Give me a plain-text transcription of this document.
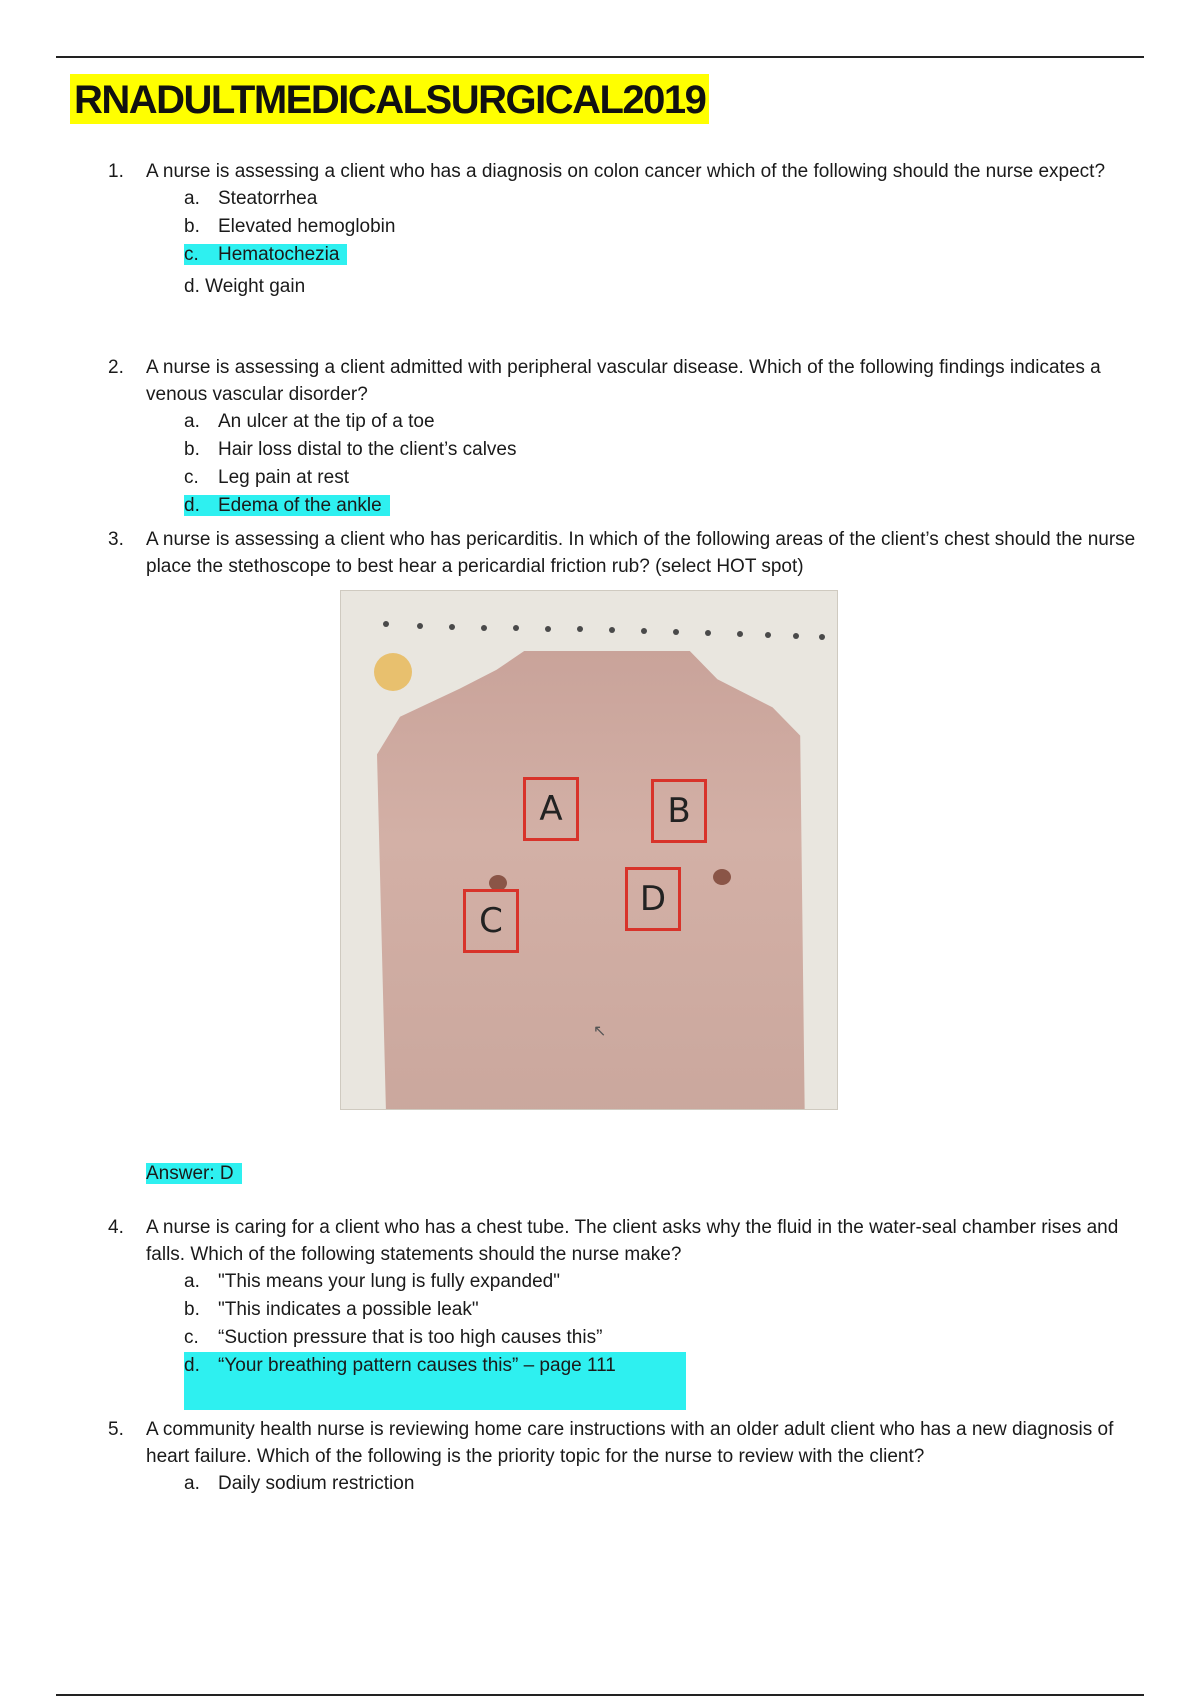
RNADULTMEDICALSURGICAL2019
1. A nurse is assessing a client who has a diagnosis on colon cancer which of the following should the nurse expect?
a. Steatorrhea
b. Elevated hemoglobin
c. Hematochezia
d. Weight gain
2. A nurse is assessing a client admitted with peripheral vascular disease. Which of the following findings indicates a venous vascular disorder?
a. An ulcer at the tip of a toe
b. Hair loss distal to the client’s calves
c. Leg pain at rest
d. Edema of the ankle
3. A nurse is assessing a client who has pericarditis. In which of the following areas of the client’s chest should the nurse place the stethoscope to best hear a pericardial friction rub? (select HOT spot)
A	B
C
D
↖
Answer: D
4. A nurse is caring for a client who has a chest tube. The client asks why the fluid in the water-seal chamber rises and falls. Which of the following statements should the nurse make?
a. "This means your lung is fully expanded"
b. "This indicates a possible leak"
c. “Suction pressure that is too high causes this”
d. “Your breathing pattern causes this” – page 111
5. A community health nurse is reviewing home care instructions with an older adult client who has a new diagnosis of heart failure. Which of the following is the priority topic for the nurse to review with the client?
a. Daily sodium restriction
